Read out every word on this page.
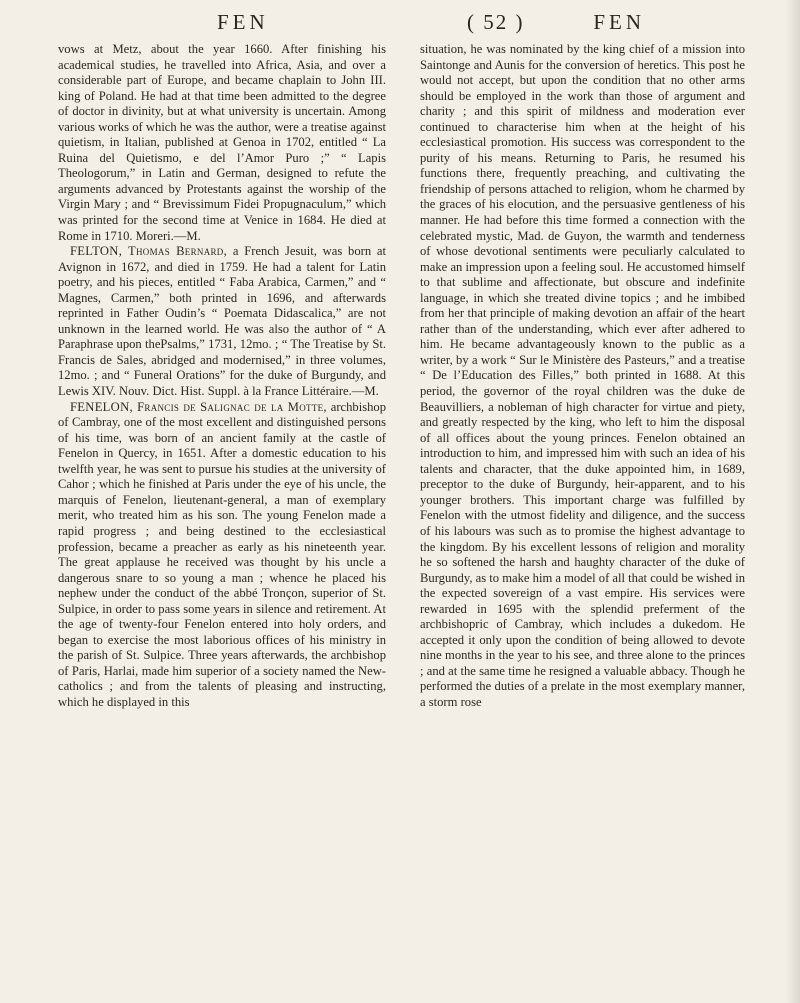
FEN	( 52 )	FEN

vows at Metz, about the year 1660. After finishing his academical studies, he travelled into Africa, Asia, and over a considerable part of Europe, and became chaplain to John III. king of Poland. He had at that time been admitted to the degree of doctor in divinity, but at what university is uncertain. Among various works of which he was the author, were a treatise against quietism, in Italian, published at Genoa in 1702, entitled “ La Ruina del Quietismo, e del l’Amor Puro ;” “ Lapis Theologorum,” in Latin and German, designed to refute the arguments advanced by Protestants against the worship of the Virgin Mary ; and “ Brevissimum Fidei Propugnaculum,” which was printed for the second time at Venice in 1684. He died at Rome in 1710. Moreri.—M.

FELTON, Thomas Bernard, a French Jesuit, was born at Avignon in 1672, and died in 1759. He had a talent for Latin poetry, and his pieces, entitled “ Faba Arabica, Carmen,” and “ Magnes, Carmen,” both printed in 1696, and afterwards reprinted in Father Oudin’s “ Poemata Didascalica,” are not unknown in the learned world. He was also the author of “ A Paraphrase upon thePsalms,” 1731, 12mo. ; “ The Treatise by St. Francis de Sales, abridged and modernised,” in three volumes, 12mo. ; and “ Funeral Orations” for the duke of Burgundy, and Lewis XIV. Nouv. Dict. Hist. Suppl. à la France Littéraire.—M.

FENELON, Francis de Salignac de la Motte, archbishop of Cambray, one of the most excellent and distinguished persons of his time, was born of an ancient family at the castle of Fenelon in Quercy, in 1651. After a domestic education to his twelfth year, he was sent to pursue his studies at the university of Cahor ; which he finished at Paris under the eye of his uncle, the marquis of Fenelon, lieutenant-general, a man of exemplary merit, who treated him as his son. The young Fenelon made a rapid progress ; and being destined to the ecclesiastical profession, became a preacher as early as his nineteenth year. The great applause he received was thought by his uncle a dangerous snare to so young a man ; whence he placed his nephew under the conduct of the abbé Tronçon, superior of St. Sulpice, in order to pass some years in silence and retirement. At the age of twenty-four Fenelon entered into holy orders, and began to exercise the most laborious offices of his ministry in the parish of St. Sulpice. Three years afterwards, the archbishop of Paris, Harlai, made him superior of a society named the New-catholics ; and from the talents of pleasing and instructing, which he displayed in this

situation, he was nominated by the king chief of a mission into Saintonge and Aunis for the conversion of heretics. This post he would not accept, but upon the condition that no other arms should be employed in the work than those of argument and charity ; and this spirit of mildness and moderation ever continued to characterise him when at the height of his ecclesiastical promotion. His success was correspondent to the purity of his means. Returning to Paris, he resumed his functions there, frequently preaching, and cultivating the friendship of persons attached to religion, whom he charmed by the graces of his elocution, and the persuasive gentleness of his manner. He had before this time formed a connection with the celebrated mystic, Mad. de Guyon, the warmth and tenderness of whose devotional sentiments were peculiarly calculated to make an impression upon a feeling soul. He accustomed himself to that sublime and affectionate, but obscure and indefinite language, in which she treated divine topics ; and he imbibed from her that principle of making devotion an affair of the heart rather than of the understanding, which ever after adhered to him. He became advantageously known to the public as a writer, by a work “ Sur le Ministère des Pasteurs,” and a treatise “ De l’Education des Filles,” both printed in 1688. At this period, the governor of the royal children was the duke de Beauvilliers, a nobleman of high character for virtue and piety, and greatly respected by the king, who left to him the disposal of all offices about the young princes. Fenelon obtained an introduction to him, and impressed him with such an idea of his talents and character, that the duke appointed him, in 1689, preceptor to the duke of Burgundy, heir-apparent, and to his younger brothers. This important charge was fulfilled by Fenelon with the utmost fidelity and diligence, and the success of his labours was such as to promise the highest advantage to the kingdom. By his excellent lessons of religion and morality he so softened the harsh and haughty character of the duke of Burgundy, as to make him a model of all that could be wished in the expected sovereign of a vast empire. His services were rewarded in 1695 with the splendid preferment of the archbishopric of Cambray, which includes a dukedom. He accepted it only upon the condition of being allowed to devote nine months in the year to his see, and three alone to the princes ; and at the same time he resigned a valuable abbacy. Though he performed the duties of a prelate in the most exemplary manner, a storm rose
